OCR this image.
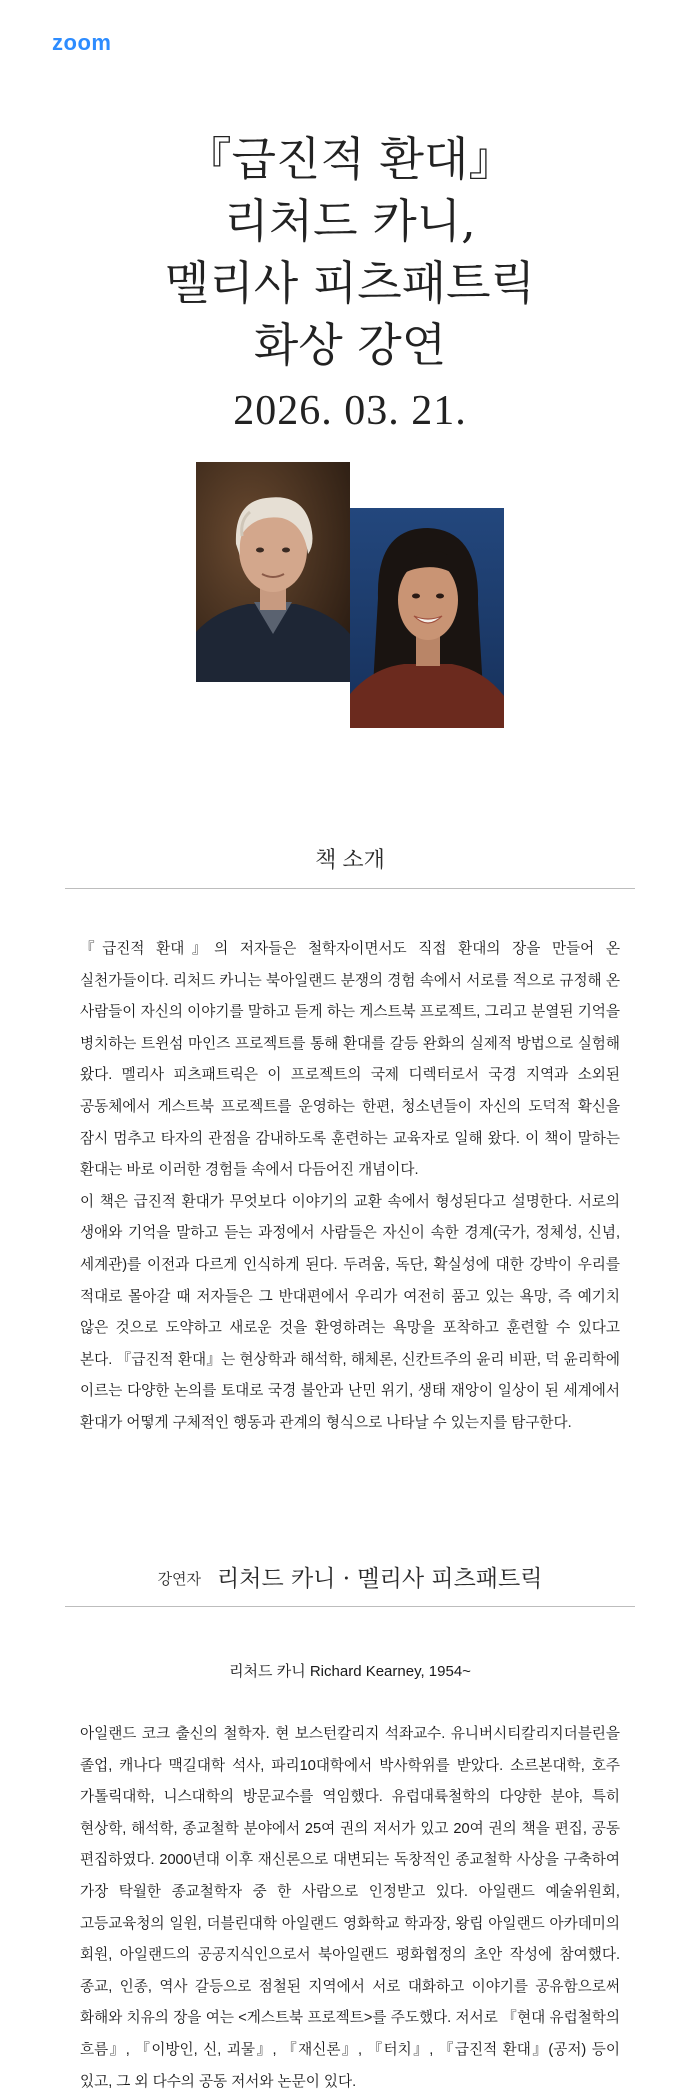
zoom
『급진적 환대』
리처드 카니,
멜리사 피츠패트릭
화상 강연
2026. 03. 21.
책 소개

『급진적 환대』의 저자들은 철학자이면서도 직접 환대의 장을 만들어 온 실천가들이다. 리처드 카니는 북아일랜드 분쟁의 경험 속에서 서로를 적으로 규정해 온 사람들이 자신의 이야기를 말하고 듣게 하는 게스트북 프로젝트, 그리고 분열된 기억을 병치하는 트윈섬 마인즈 프로젝트를 통해 환대를 갈등 완화의 실제적 방법으로 실험해 왔다. 멜리사 피츠패트릭은 이 프로젝트의 국제 디렉터로서 국경 지역과 소외된 공동체에서 게스트북 프로젝트를 운영하는 한편, 청소년들이 자신의 도덕적 확신을 잠시 멈추고 타자의 관점을 감내하도록 훈련하는 교육자로 일해 왔다. 이 책이 말하는 환대는 바로 이러한 경험들 속에서 다듬어진 개념이다.

이 책은 급진적 환대가 무엇보다 이야기의 교환 속에서 형성된다고 설명한다. 서로의 생애와 기억을 말하고 듣는 과정에서 사람들은 자신이 속한 경계(국가, 정체성, 신념, 세계관)를 이전과 다르게 인식하게 된다. 두려움, 독단, 확실성에 대한 강박이 우리를 적대로 몰아갈 때 저자들은 그 반대편에서 우리가 여전히 품고 있는 욕망, 즉 예기치 않은 것으로 도약하고 새로운 것을 환영하려는 욕망을 포착하고 훈련할 수 있다고 본다. 『급진적 환대』는 현상학과 해석학, 해체론, 신칸트주의 윤리 비판, 덕 윤리학에 이르는 다양한 논의를 토대로 국경 불안과 난민 위기, 생태 재앙이 일상이 된 세계에서 환대가 어떻게 구체적인 행동과 관계의 형식으로 나타날 수 있는지를 탐구한다.

강연자 리처드 카니 · 멜리사 피츠패트릭
리처드 카니 Richard Kearney, 1954~

아일랜드 코크 출신의 철학자. 현 보스턴칼리지 석좌교수. 유니버시티칼리지더블린을 졸업, 캐나다 맥길대학 석사, 파리10대학에서 박사학위를 받았다. 소르본대학, 호주 가톨릭대학, 니스대학의 방문교수를 역임했다. 유럽대륙철학의 다양한 분야, 특히 현상학, 해석학, 종교철학 분야에서 25여 권의 저서가 있고 20여 권의 책을 편집, 공동 편집하였다. 2000년대 이후 재신론으로 대변되는 독창적인 종교철학 사상을 구축하여 가장 탁월한 종교철학자 중 한 사람으로 인정받고 있다. 아일랜드 예술위원회, 고등교육청의 일원, 더블린대학 아일랜드 영화학교 학과장, 왕립 아일랜드 아카데미의 회원, 아일랜드의 공공지식인으로서 북아일랜드 평화협정의 초안 작성에 참여했다. 종교, 인종, 역사 갈등으로 점철된 지역에서 서로 대화하고 이야기를 공유함으로써 화해와 치유의 장을 여는 <게스트북 프로젝트>를 주도했다. 저서로 『현대 유럽철학의 흐름』, 『이방인, 신, 괴물』, 『재신론』, 『터치』, 『급진적 환대』(공저) 등이 있고, 그 외 다수의 공동 저서와 논문이 있다.
